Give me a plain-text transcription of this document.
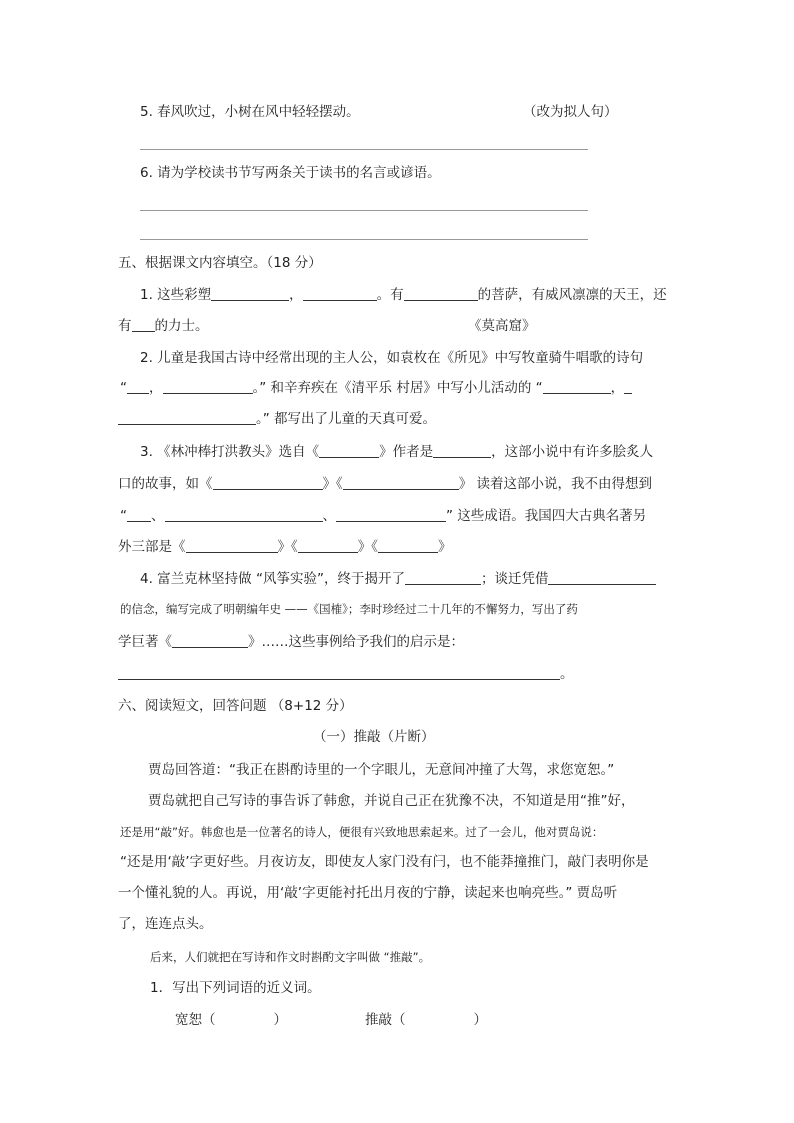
5. 春风吹过，小树在风中轻轻摆动。	（改为拟人句）
6. 请为学校读书节写两条关于读书的名言或谚语。
五、根据课文内容填空。（18 分）
1. 这些彩塑	，	。有	的菩萨，有威风凛凛的天王，还
有 的力士。	《莫高窟》
2. 儿童是我国古诗中经常出现的主人公，如袁枚在《所见》中写牧童骑牛唱歌的诗句
“ ，	。” 和辛弃疾在《清平乐 村居》中写小儿活动的 “	，
。” 都写出了儿童的天真可爱。
3. 《林冲棒打洪教头》选自《	》作者是	，这部小说中有许多脍炙人
口的故事，如《	》《	》 读着这部小说，我不由得想到
“ 、	、	” 这些成语。我国四大古典名著另
外三部是《	》《	》《	》
4. 富兰克林坚持做 “风筝实验”，终于揭开了	；谈迁凭借
的信念，编写完成了明朝编年史 ——《国榷》；李时珍经过二十几年的不懈努力，写出了药
学巨著《	》……这些事例给予我们的启示是：
。
六、阅读短文，回答问题 （8+12 分）
（一）推敲（片断）
贾岛回答道：“我正在斟酌诗里的一个字眼儿，无意间冲撞了大驾，求您宽恕。”
贾岛就把自己写诗的事告诉了韩愈，并说自己正在犹豫不决，不知道是用“推”好，
还是用“敲”好。韩愈也是一位著名的诗人，便很有兴致地思索起来。过了一会儿，他对贾岛说：
“还是用‘敲’字更好些。月夜访友，即使友人家门没有闩，也不能莽撞推门，敲门表明你是
一个懂礼貌的人。再说，用‘敲’字更能衬托出月夜的宁静，读起来也响亮些。” 贾岛听
了，连连点头。
后来，人们就把在写诗和作文时斟酌文字叫做 “推敲”。
1．写出下列词语的近义词。
宽恕（	）	推敲（	）
